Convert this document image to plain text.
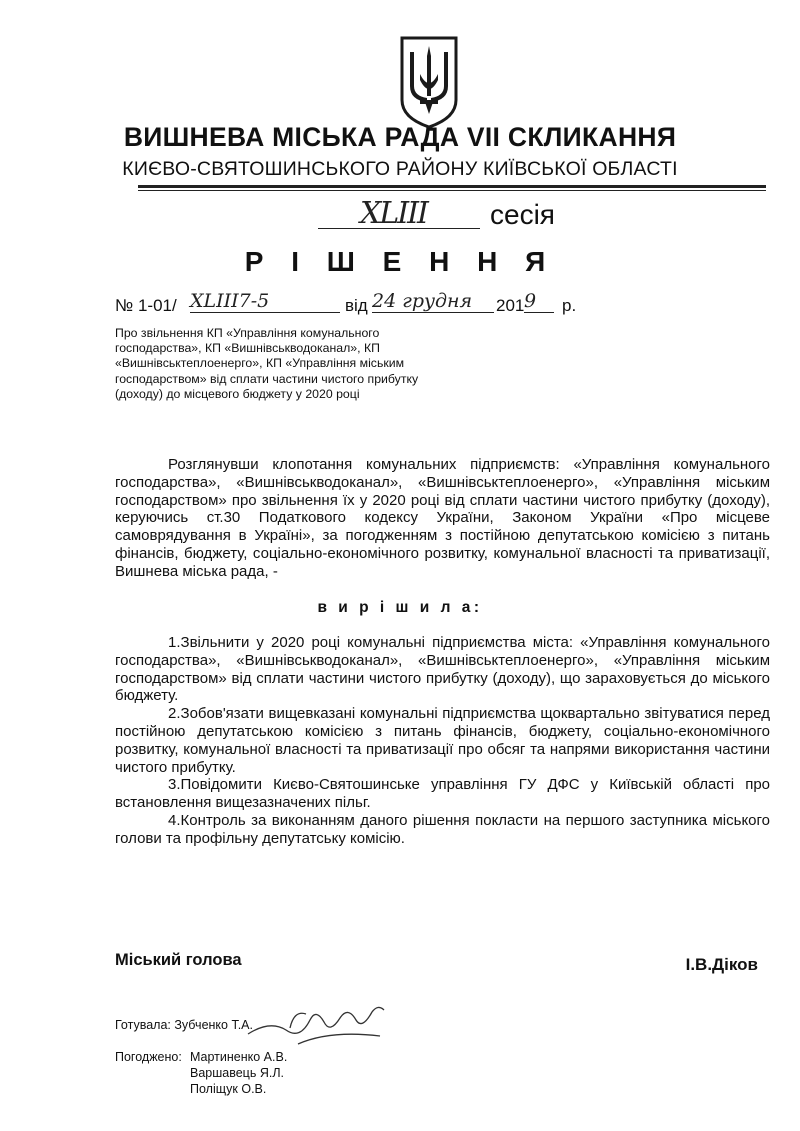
ВИШНЕВА МІСЬКА РАДА VII СКЛИКАННЯ
КИЄВО-СВЯТОШИНСЬКОГО РАЙОНУ КИЇВСЬКОЇ ОБЛАСТІ
XLIII сесія
Р І Ш Е Н Н Я
№ 1-01/ XLIII7-5	від 24 грудня	201 9	р.
Про звільнення КП «Управління комунального господарства», КП «Вишнівськводоканал», КП «Вишнівськтеплоенерго», КП «Управління міським господарством» від сплати частини чистого прибутку (доходу) до місцевого бюджету у 2020 році

Розглянувши клопотання комунальних підприємств: «Управління комунального господарства», «Вишнівськводоканал», «Вишнівськтеплоенерго», «Управління міським господарством» про звільнення їх у 2020 році від сплати частини чистого прибутку (доходу), керуючись ст.30 Податкового кодексу України, Законом України «Про місцеве самоврядування в Україні», за погодженням з постійною депутатською комісією з питань фінансів, бюджету, соціально-економічного розвитку, комунальної власності та приватизації, Вишнева міська рада, -

в и р і ш и л а:

1.Звільнити у 2020 році комунальні підприємства міста: «Управління комунального господарства», «Вишнівськводоканал», «Вишнівськтеплоенерго», «Управління міським господарством» від сплати частини чистого прибутку (доходу), що зараховується до міського бюджету.

2.Зобов'язати вищевказані комунальні підприємства щоквартально звітуватися перед постійною депутатською комісією з питань фінансів, бюджету, соціально-економічного розвитку, комунальної власності та приватизації про обсяг та напрями використання частини чистого прибутку.

3.Повідомити Києво-Святошинське управління ГУ ДФС у Київській області про встановлення вищезазначених пільг.

4.Контроль за виконанням даного рішення покласти на першого заступника міського голови та профільну депутатську комісію.

Міський голова	І.В.Діков
Готувала: Зубченко Т.А.
Погоджено: Мартиненко А.В.
Варшавець Я.Л.
Поліщук О.В.
